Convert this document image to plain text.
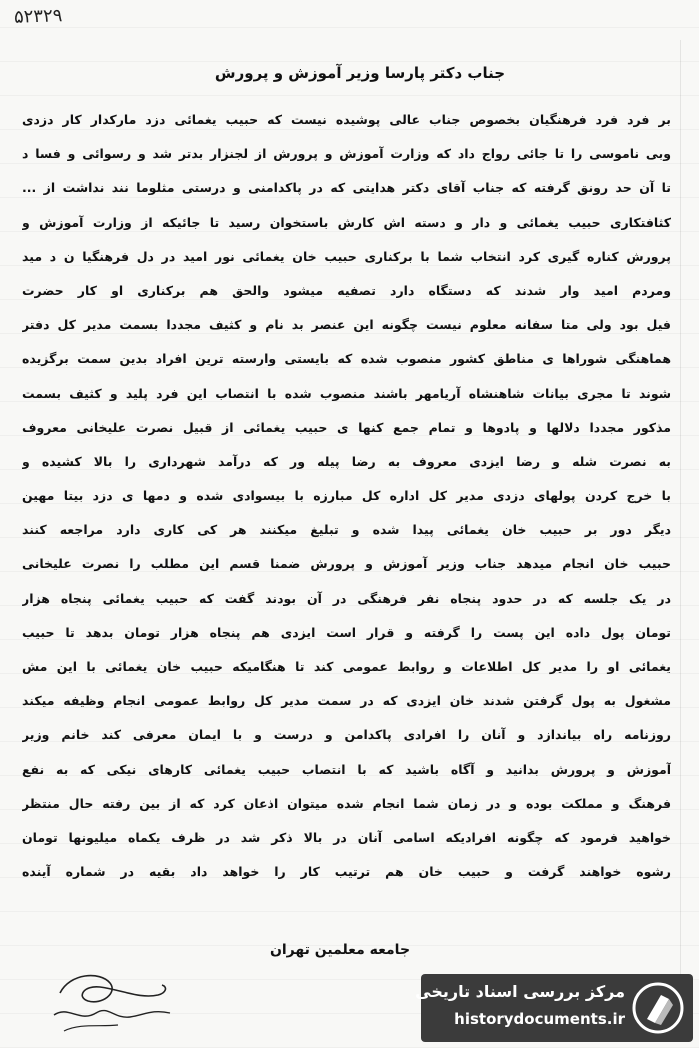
۵۲۳۲۹
جناب دکتر پارسا وزیر آموزش و پرورش
بر فرد فرد فرهنگیان بخصوص جناب عالی پوشیده نیست که حبیب یغمائی دزد مارکدار کار دزدی
وبی ناموسی را تا جائی رواج داد که وزارت آموزش و پرورش از لجنزار بدتر شد و رسوائی و فسا د
تا آن حد رونق گرفته که جناب آقای دکتر هدایتی که در پاکدامنی و درستی مثلوما نند نداشت از ...
کثافتکاری حبیب یغمائی و دار و دسته اش کارش باستخوان رسید تا جائیکه از وزارت آموزش و
پرورش کناره گیری کرد انتخاب شما با برکناری حبیب خان یغمائی نور امید در دل فرهنگیا ن د مید
ومردم امید وار شدند که دستگاه دارد تصفیه میشود والحق هم برکناری او کار حضرت
فیل بود ولی متا سفانه معلوم نیست چگونه این عنصر بد نام و کثیف مجددا بسمت مدیر کل دفتر
هماهنگی شوراها ی مناطق کشور منصوب شده که بایستی وارسته ترین افراد بدین سمت برگزیده
شوند تا مجری بیانات شاهنشاه آریامهر باشند منصوب شده با انتصاب این فرد پلید و کثیف بسمت
مذکور مجددا دلالها و پادوها و تمام جمع کنها ی حبیب یغمائی از قبیل نصرت علیخانی معروف
به نصرت شله و رضا ایزدی معروف به رضا پیله ور که درآمد شهرداری را بالا کشیده و
با خرج کردن پولهای دزدی مدیر کل اداره کل مبارزه با بیسوادی شده و دمها ی دزد بیتا مهین
دیگر دور بر حبیب خان یغمائی پیدا شده و تبلیغ میکنند هر کی کاری دارد مراجعه کنند
حبیب خان انجام میدهد جناب وزیر آموزش و پرورش ضمنا قسم این مطلب را نصرت علیخانی
در یک جلسه که در حدود پنجاه نفر فرهنگی در آن بودند گفت که حبیب یغمائی پنجاه هزار
تومان پول داده این پست را گرفته و قرار است ایزدی هم پنجاه هزار تومان بدهد تا حبیب
یغمائی او را مدیر کل اطلاعات و روابط عمومی کند تا هنگامیکه حبیب خان یغمائی با این مش
مشغول به پول گرفتن شدند خان ایزدی که در سمت مدیر کل روابط عمومی انجام وظیفه میکند
روزنامه راه بیاندازد و آنان را افرادی پاکدامن و درست و با ایمان معرفی کند خانم وزیر
آموزش و پرورش بدانید و آگاه باشید که با انتصاب حبیب یغمائی کارهای نیکی که به نفع
فرهنگ و مملکت بوده و در زمان شما انجام شده میتوان اذعان کرد که از بین رفته حال منتظر
خواهید فرمود که چگونه افرادیکه اسامی آنان در بالا ذکر شد در ظرف یکماه میلیونها تومان
رشوه خواهند گرفت و حبیب خان هم ترتیب کار را خواهد داد بقیه در شماره آینده
جامعه معلمین تهران
مرکز بررسی اسناد تاریخی
historydocuments.ir
